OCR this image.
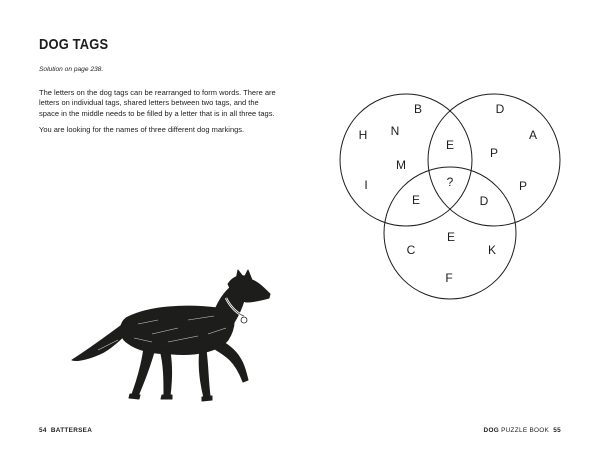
DOG TAGS

Solution on page 238.

The letters on the dog tags can be rearranged to form words. There are letters on individual tags, shared letters between two tags, and the space in the middle needs to be filled by a letter that is in all three tags.

You are looking for the names of three different dog markings.

B
N
H
M
I
D
A
P
P
E
E	D
?
E
C	K
F
54 BATTERSEA	DOG PUZZLE BOOK 55
